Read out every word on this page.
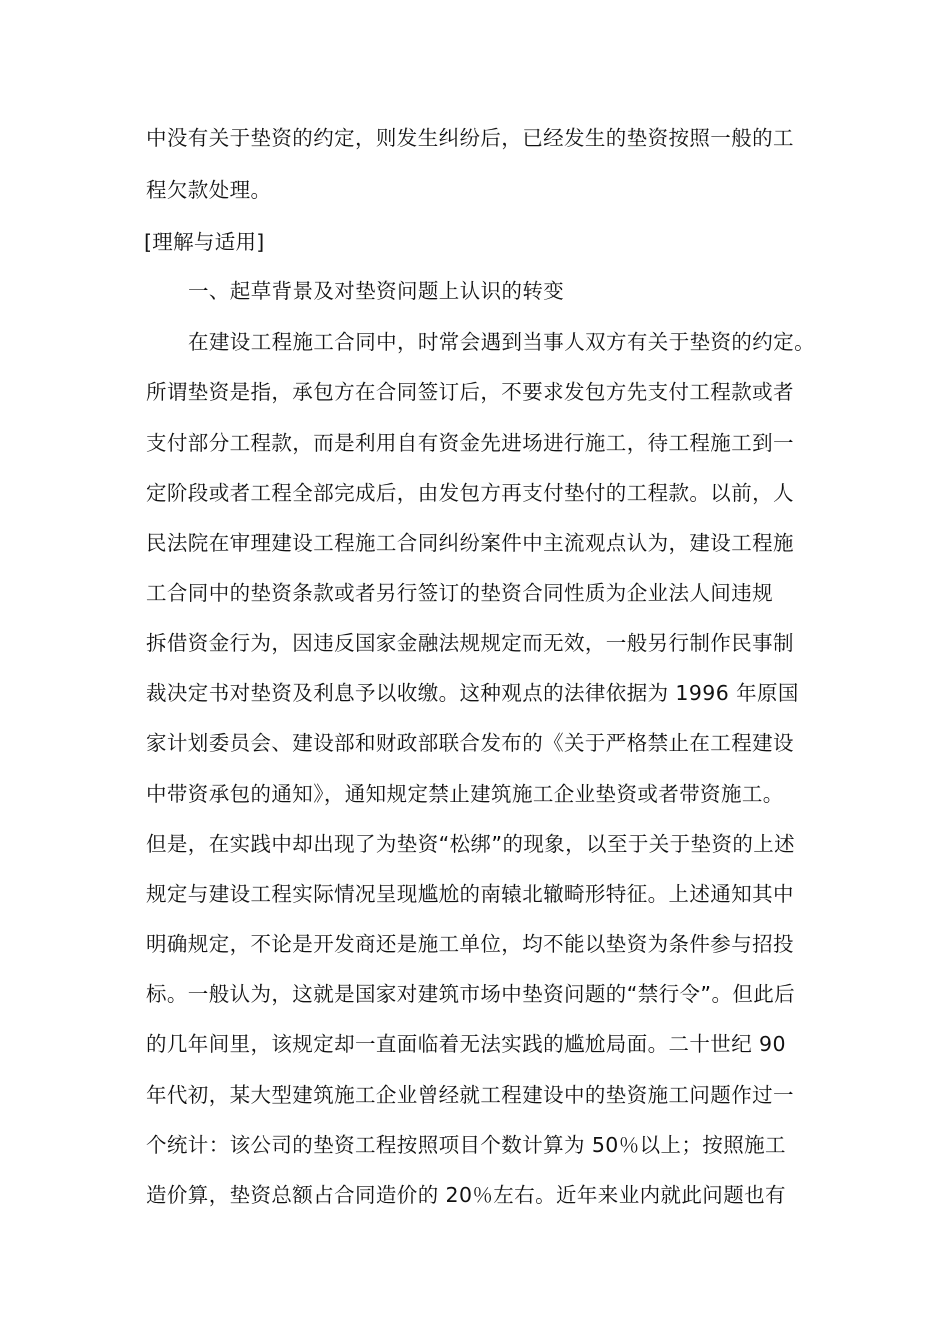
中没有关于垫资的约定，则发生纠纷后，已经发生的垫资按照一般的工
程欠款处理。
[理解与适用]
一、起草背景及对垫资问题上认识的转变
在建设工程施工合同中，时常会遇到当事人双方有关于垫资的约定。
所谓垫资是指，承包方在合同签订后，不要求发包方先支付工程款或者
支付部分工程款，而是利用自有资金先进场进行施工，待工程施工到一
定阶段或者工程全部完成后，由发包方再支付垫付的工程款。以前，人
民法院在审理建设工程施工合同纠纷案件中主流观点认为，建设工程施
工合同中的垫资条款或者另行签订的垫资合同性质为企业法人间违规
拆借资金行为，因违反国家金融法规规定而无效，一般另行制作民事制
裁决定书对垫资及利息予以收缴。这种观点的法律依据为 1996 年原国
家计划委员会、建设部和财政部联合发布的《关于严格禁止在工程建设
中带资承包的通知》，通知规定禁止建筑施工企业垫资或者带资施工。
但是，在实践中却出现了为垫资“松绑”的现象，以至于关于垫资的上述
规定与建设工程实际情况呈现尴尬的南辕北辙畸形特征。上述通知其中
明确规定，不论是开发商还是施工单位，均不能以垫资为条件参与招投
标。一般认为，这就是国家对建筑市场中垫资问题的“禁行令”。但此后
的几年间里，该规定却一直面临着无法实践的尴尬局面。二十世纪 90
年代初，某大型建筑施工企业曾经就工程建设中的垫资施工问题作过一
个统计：该公司的垫资工程按照项目个数计算为 50％以上；按照施工
造价算，垫资总额占合同造价的 20％左右。近年来业内就此问题也有
